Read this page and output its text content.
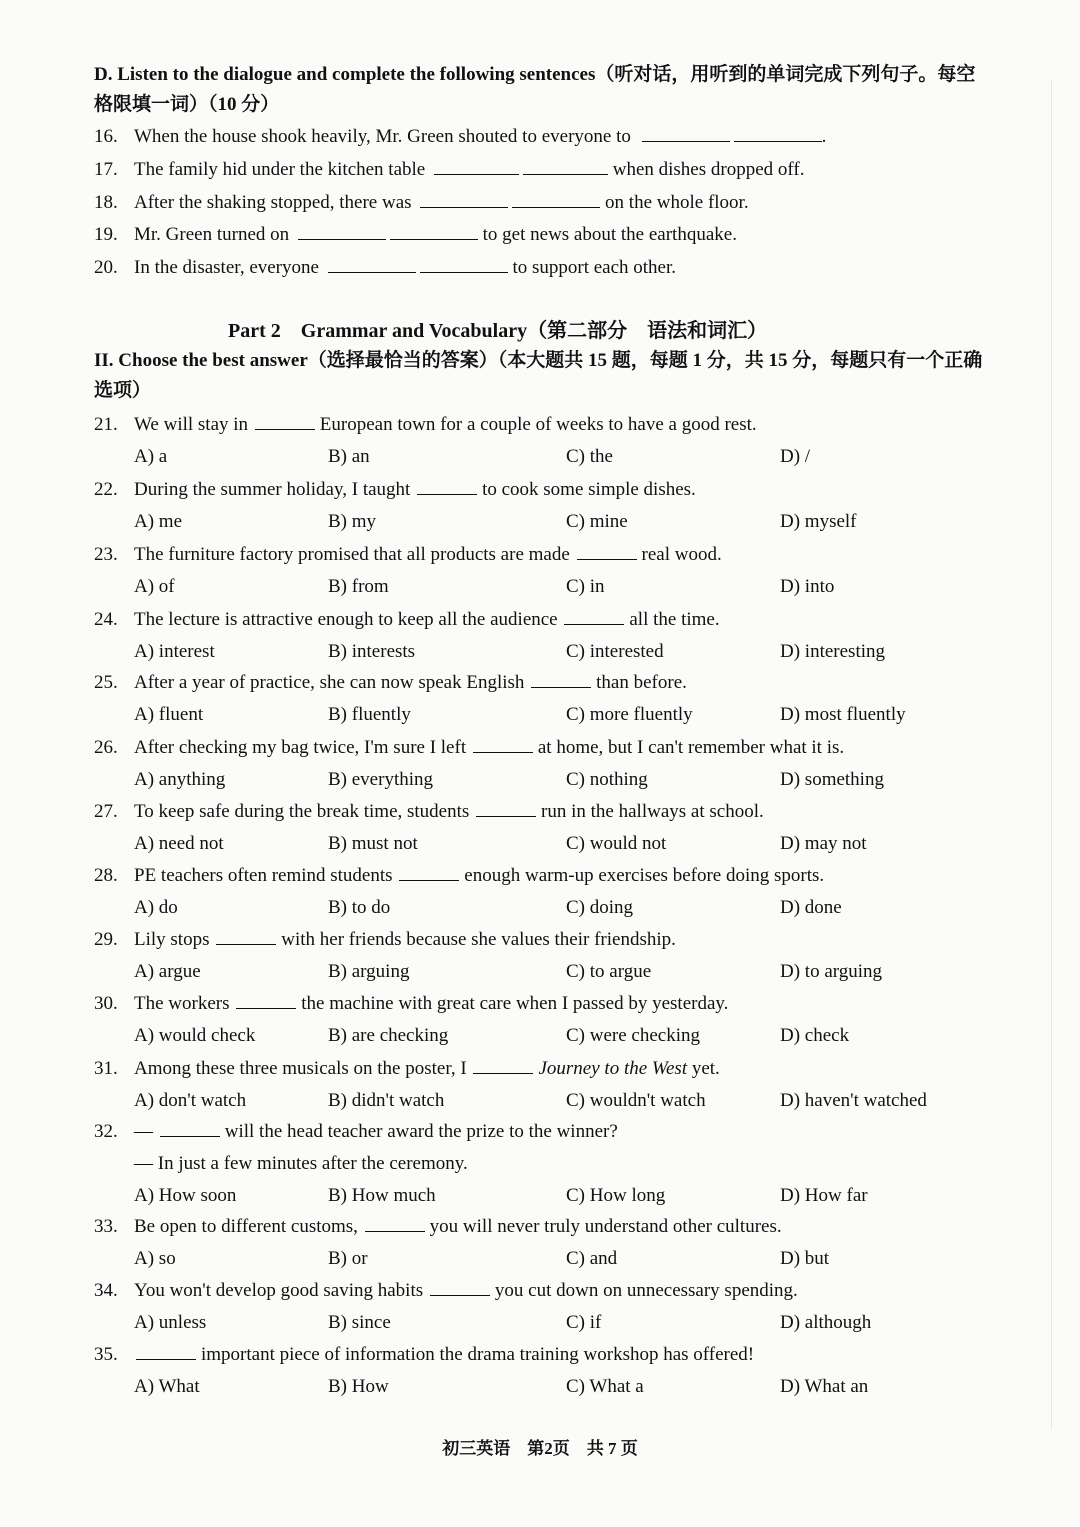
D. Listen to the dialogue and complete the following sentences（听对话，用听到的单词完成下列句子。每空格限填一词）（10 分）
16. When the house shook heavily, Mr. Green shouted to everyone to	.
17. The family hid under the kitchen table	when dishes dropped off.
18. After the shaking stopped, there was	on the whole floor.
19. Mr. Green turned on	to get news about the earthquake.
20. In the disaster, everyone	to support each other.
Part 2 Grammar and Vocabulary（第二部分　语法和词汇）
II. Choose the best answer（选择最恰当的答案）（本大题共 15 题，每题 1 分，共 15 分，每题只有一个正确选项）
21. We will stay in	European town for a couple of weeks to have a good rest.
A) a	B) an	C) the	D) /
22. During the summer holiday, I taught	to cook some simple dishes.
A) me	B) my	C) mine	D) myself
23. The furniture factory promised that all products are made	real wood.
A) of	B) from	C) in	D) into
24. The lecture is attractive enough to keep all the audience	all the time.
A) interest	B) interests	C) interested	D) interesting
25. After a year of practice, she can now speak English	than before.
A) fluent	B) fluently	C) more fluently	D) most fluently
26. After checking my bag twice, I'm sure I left	at home, but I can't remember what it is.
A) anything	B) everything	C) nothing	D) something
27. To keep safe during the break time, students	run in the hallways at school.
A) need not	B) must not	C) would not	D) may not
28. PE teachers often remind students	enough warm-up exercises before doing sports.
A) do	B) to do	C) doing	D) done
29. Lily stops	with her friends because she values their friendship.
A) argue	B) arguing	C) to argue	D) to arguing
30. The workers	the machine with great care when I passed by yesterday.
A) would check	B) are checking	C) were checking	D) check
31. Among these three musicals on the poster, I	Journey to the West yet.
A) don't watch	B) didn't watch	C) wouldn't watch	D) haven't watched
32. —	will the head teacher award the prize to the winner?
— In just a few minutes after the ceremony.
A) How soon	B) How much	C) How long	D) How far
33. Be open to different customs,	you will never truly understand other cultures.
A) so	B) or	C) and	D) but
34. You won't develop good saving habits	you cut down on unnecessary spending.
A) unless	B) since	C) if	D) although
35.	important piece of information the drama training workshop has offered!
A) What	B) How	C) What a	D) What an
初三英语　第2页　共 7 页
